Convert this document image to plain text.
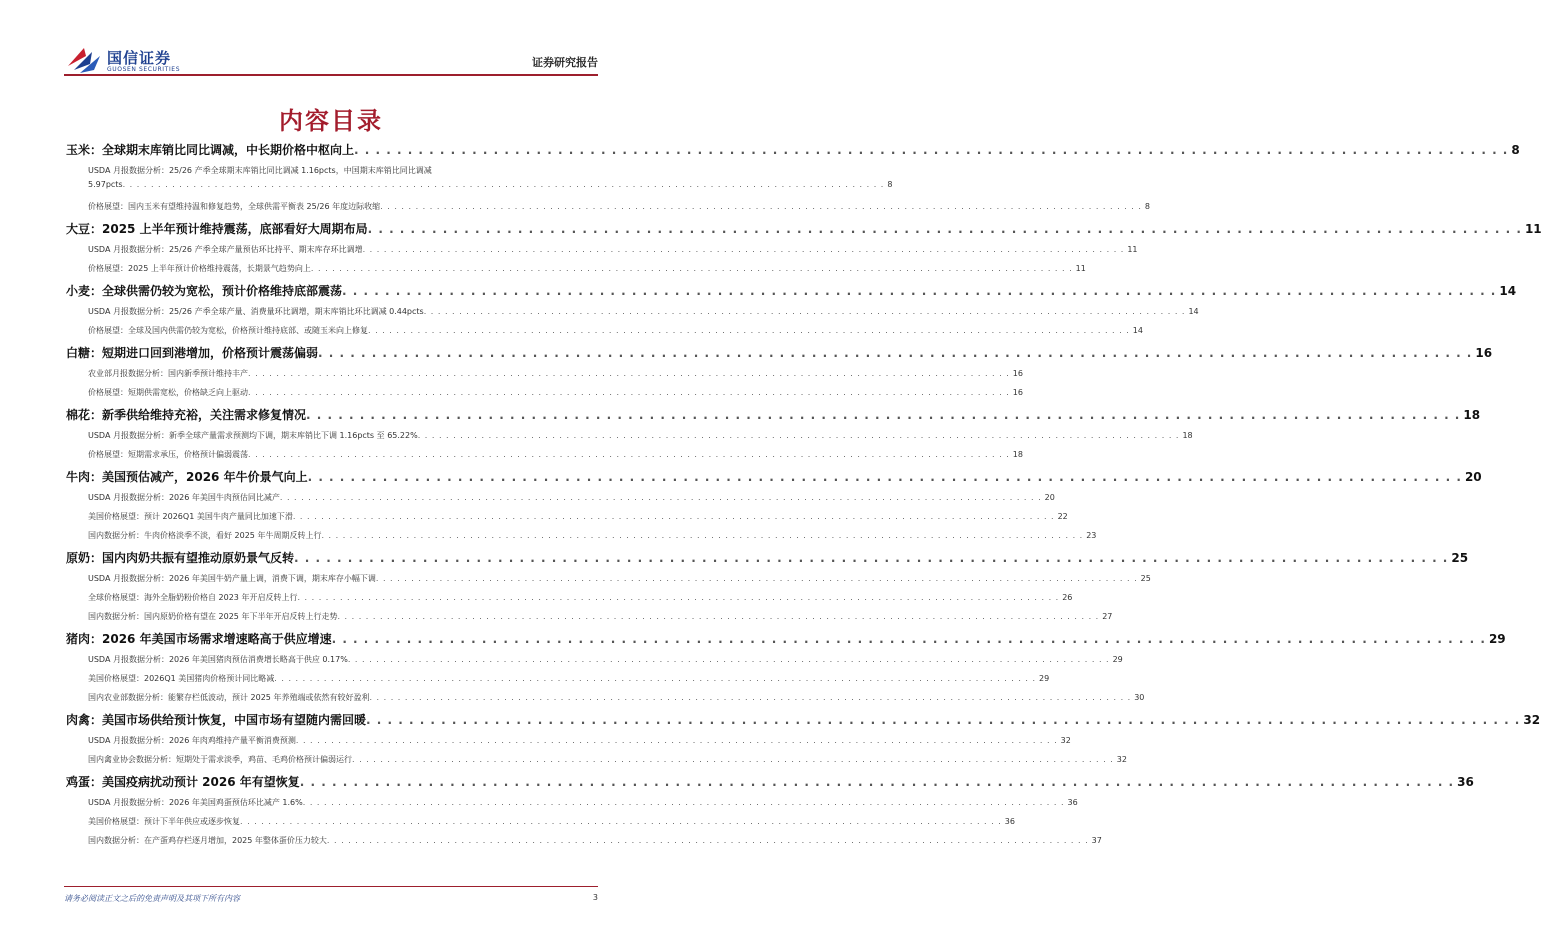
国信证券
GUOSEN SECURITIES
证券研究报告
内容目录
玉米：全球期末库销比同比调减，中长期价格中枢向上 . . .	8
USDA 月报数据分析：25/26 产季全球期末库销比同比调减 1.16pcts，中国期末库销比同比调减
5.97pcts . . .	8
价格展望：国内玉米有望维持温和修复趋势，全球供需平衡表 25/26 年度边际收缩 . . .	8
大豆：2025 上半年预计维持震荡，底部看好大周期布局 . . .	11
USDA 月报数据分析：25/26 产季全球产量预估环比持平、期末库存环比调增 . . .	11
价格展望：2025 上半年预计价格维持震荡，长期景气趋势向上 . . .	11
小麦：全球供需仍较为宽松，预计价格维持底部震荡 . . .	14
USDA 月报数据分析：25/26 产季全球产量、消费量环比调增，期末库销比环比调减 0.44pcts . . .	14
价格展望：全球及国内供需仍较为宽松，价格预计维持底部、或随玉米向上修复 . . .	14
白糖：短期进口回到港增加，价格预计震荡偏弱 . . .	16
农业部月报数据分析：国内新季预计维持丰产 . . .	16
价格展望：短期供需宽松，价格缺乏向上驱动 . . .	16
棉花：新季供给维持充裕，关注需求修复情况 . . .	18
USDA 月报数据分析：新季全球产量需求预测均下调，期末库销比下调 1.16pcts 至 65.22% . . .	18
价格展望：短期需求承压，价格预计偏弱震荡 . . .	18
牛肉：美国预估减产，2026 年牛价景气向上 . . .	20
USDA 月报数据分析：2026 年美国牛肉预估同比减产 . . .	20
美国价格展望：预计 2026Q1 美国牛肉产量同比加速下滑 . . .	22
国内数据分析：牛肉价格淡季不淡，看好 2025 年牛周期反转上行 . . .	23
原奶：国内肉奶共振有望推动原奶景气反转 . . .	25
USDA 月报数据分析：2026 年美国牛奶产量上调，消费下调，期末库存小幅下调 . . .	25
全球价格展望：海外全脂奶粉价格自 2023 年开启反转上行 . . .	26
国内数据分析：国内原奶价格有望在 2025 年下半年开启反转上行走势 . . .	27
猪肉：2026 年美国市场需求增速略高于供应增速 . . .	29
USDA 月报数据分析：2026 年美国猪肉预估消费增长略高于供应 0.17% . . .	29
美国价格展望：2026Q1 美国猪肉价格预计同比略减 . . .	29
国内农业部数据分析：能繁存栏低波动，预计 2025 年养殖端或依然有较好盈利 . . .	30
肉禽：美国市场供给预计恢复，中国市场有望随内需回暖 . . .	32
USDA 月报数据分析：2026 年肉鸡维持产量平衡消费预测 . . .	32
国内禽业协会数据分析：短期处于需求淡季，鸡苗、毛鸡价格预计偏弱运行 . . .	32
鸡蛋：美国疫病扰动预计 2026 年有望恢复 . . .	36
USDA 月报数据分析：2026 年美国鸡蛋预估环比减产 1.6% . . .	36
美国价格展望：预计下半年供应或逐步恢复 . . .	36
国内数据分析：在产蛋鸡存栏逐月增加，2025 年整体蛋价压力较大 . . .	37
请务必阅读正文之后的免责声明及其项下所有内容	3
